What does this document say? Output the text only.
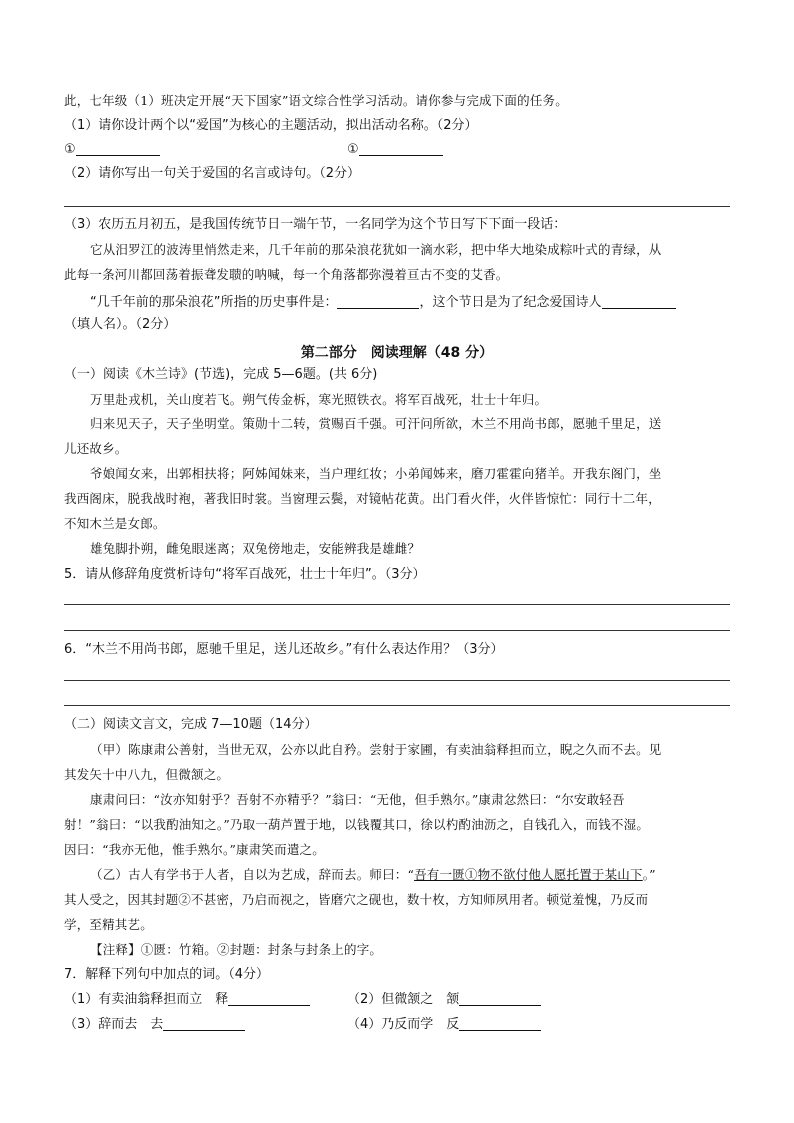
此，七年级（1）班决定开展“天下国家”语文综合性学习活动。请你参与完成下面的任务。
（1）请你设计两个以“爱国”为核心的主题活动，拟出活动名称。（2分）
①	①
（2）请你写出一句关于爱国的名言或诗句。（2分）
（3）农历五月初五，是我国传统节日一端午节，一名同学为这个节日写下下面一段话：
它从汨罗江的波涛里悄然走来，几千年前的那朵浪花犹如一滴水彩，把中华大地染成粽叶式的青绿，从
此每一条河川都回荡着振聋发聩的呐喊，每一个角落都弥漫着亘古不变的艾香。
“几千年前的那朵浪花”所指的历史事件是：	，这个节日是为了纪念爱国诗人
（填人名）。（2分）
第二部分　阅读理解（48 分）
（一）阅读《木兰诗》(节选)，完成 5—6题。(共 6分)
万里赴戎机，关山度若飞。朔气传金柝，寒光照铁衣。将军百战死，壮士十年归。
归来见天子，天子坐明堂。策勋十二转，赏赐百千强。可汗问所欲，木兰不用尚书郎，愿驰千里足，送
儿还故乡。
爷娘闻女来，出郭相扶将；阿姊闻妹来，当户理红妆；小弟闻姊来，磨刀霍霍向猪羊。开我东阁门，坐
我西阁床，脱我战时袍，著我旧时裳。当窗理云鬓，对镜帖花黄。出门看火伴，火伴皆惊忙：同行十二年，
不知木兰是女郎。
雄兔脚扑朔，雌兔眼迷离；双兔傍地走，安能辨我是雄雌？
5．请从修辞角度赏析诗句“将军百战死，壮士十年归”。（3分）
6．“木兰不用尚书郎，愿驰千里足，送儿还故乡。”有什么表达作用？（3分）
（二）阅读文言文，完成 7—10题（14分）
（甲）陈康肃公善射，当世无双，公亦以此自矜。尝射于家圃，有卖油翁释担而立，睨之久而不去。见
其发矢十中八九，但微颔之。
康肃问曰：“汝亦知射乎？吾射不亦精乎？”翁曰：“无他，但手熟尔。”康肃忿然曰：“尔安敢轻吾
射！”翁曰：“以我酌油知之。”乃取一葫芦置于地，以钱覆其口，徐以杓酌油沥之，自钱孔入，而钱不湿。
因曰：“我亦无他，惟手熟尔。”康肃笑而遣之。
（乙）古人有学书于人者，自以为艺成，辞而去。师曰：“吾有一匮①物不欲付他人愿托置于某山下。”
其人受之，因其封题②不甚密，乃启而视之，皆磨穴之砚也，数十枚，方知师夙用者。顿觉羞愧，乃反而
学，至精其艺。
【注释】①匮：竹箱。②封题：封条与封条上的字。
7．解释下列句中加点的词。（4分）
（1）有卖油翁释担而立　释	（2）但微颔之　颔
（3）辞而去　去	（4）乃反而学　反
